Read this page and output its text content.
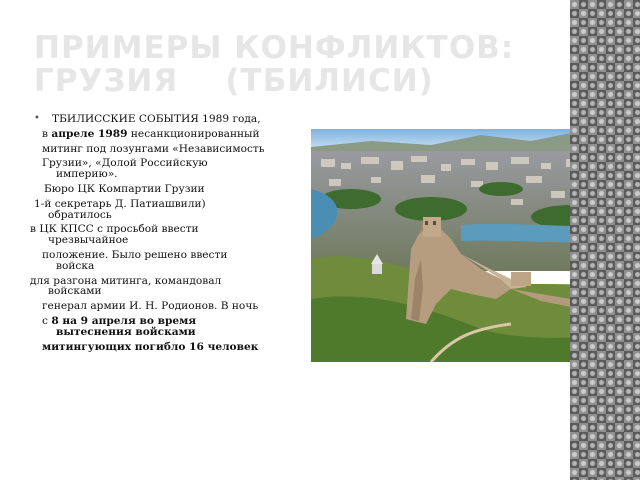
ПРИМЕРЫ КОНФЛИКТОВ:
ГРУЗИЯ    (ТБИЛИСИ)
•	ТБИЛИССКИЕ СОБЫТИЯ 1989 года,

в апреле 1989 несанкционированный

митинг под лозунгами «Независимость

Грузии», «Долой Российскую империю».

Бюро ЦК Компартии Грузии

1-й секретарь Д. Патиашвили) обратилось

в ЦК КПСС с просьбой ввести чрезвычайное

положение. Было решено ввести войска

для разгона митинга, командовал войсками

генерал армии И. Н. Родионов. В ночь

с 8 на 9 апреля во время вытеснения войсками

митингующих погибло 16 человек
